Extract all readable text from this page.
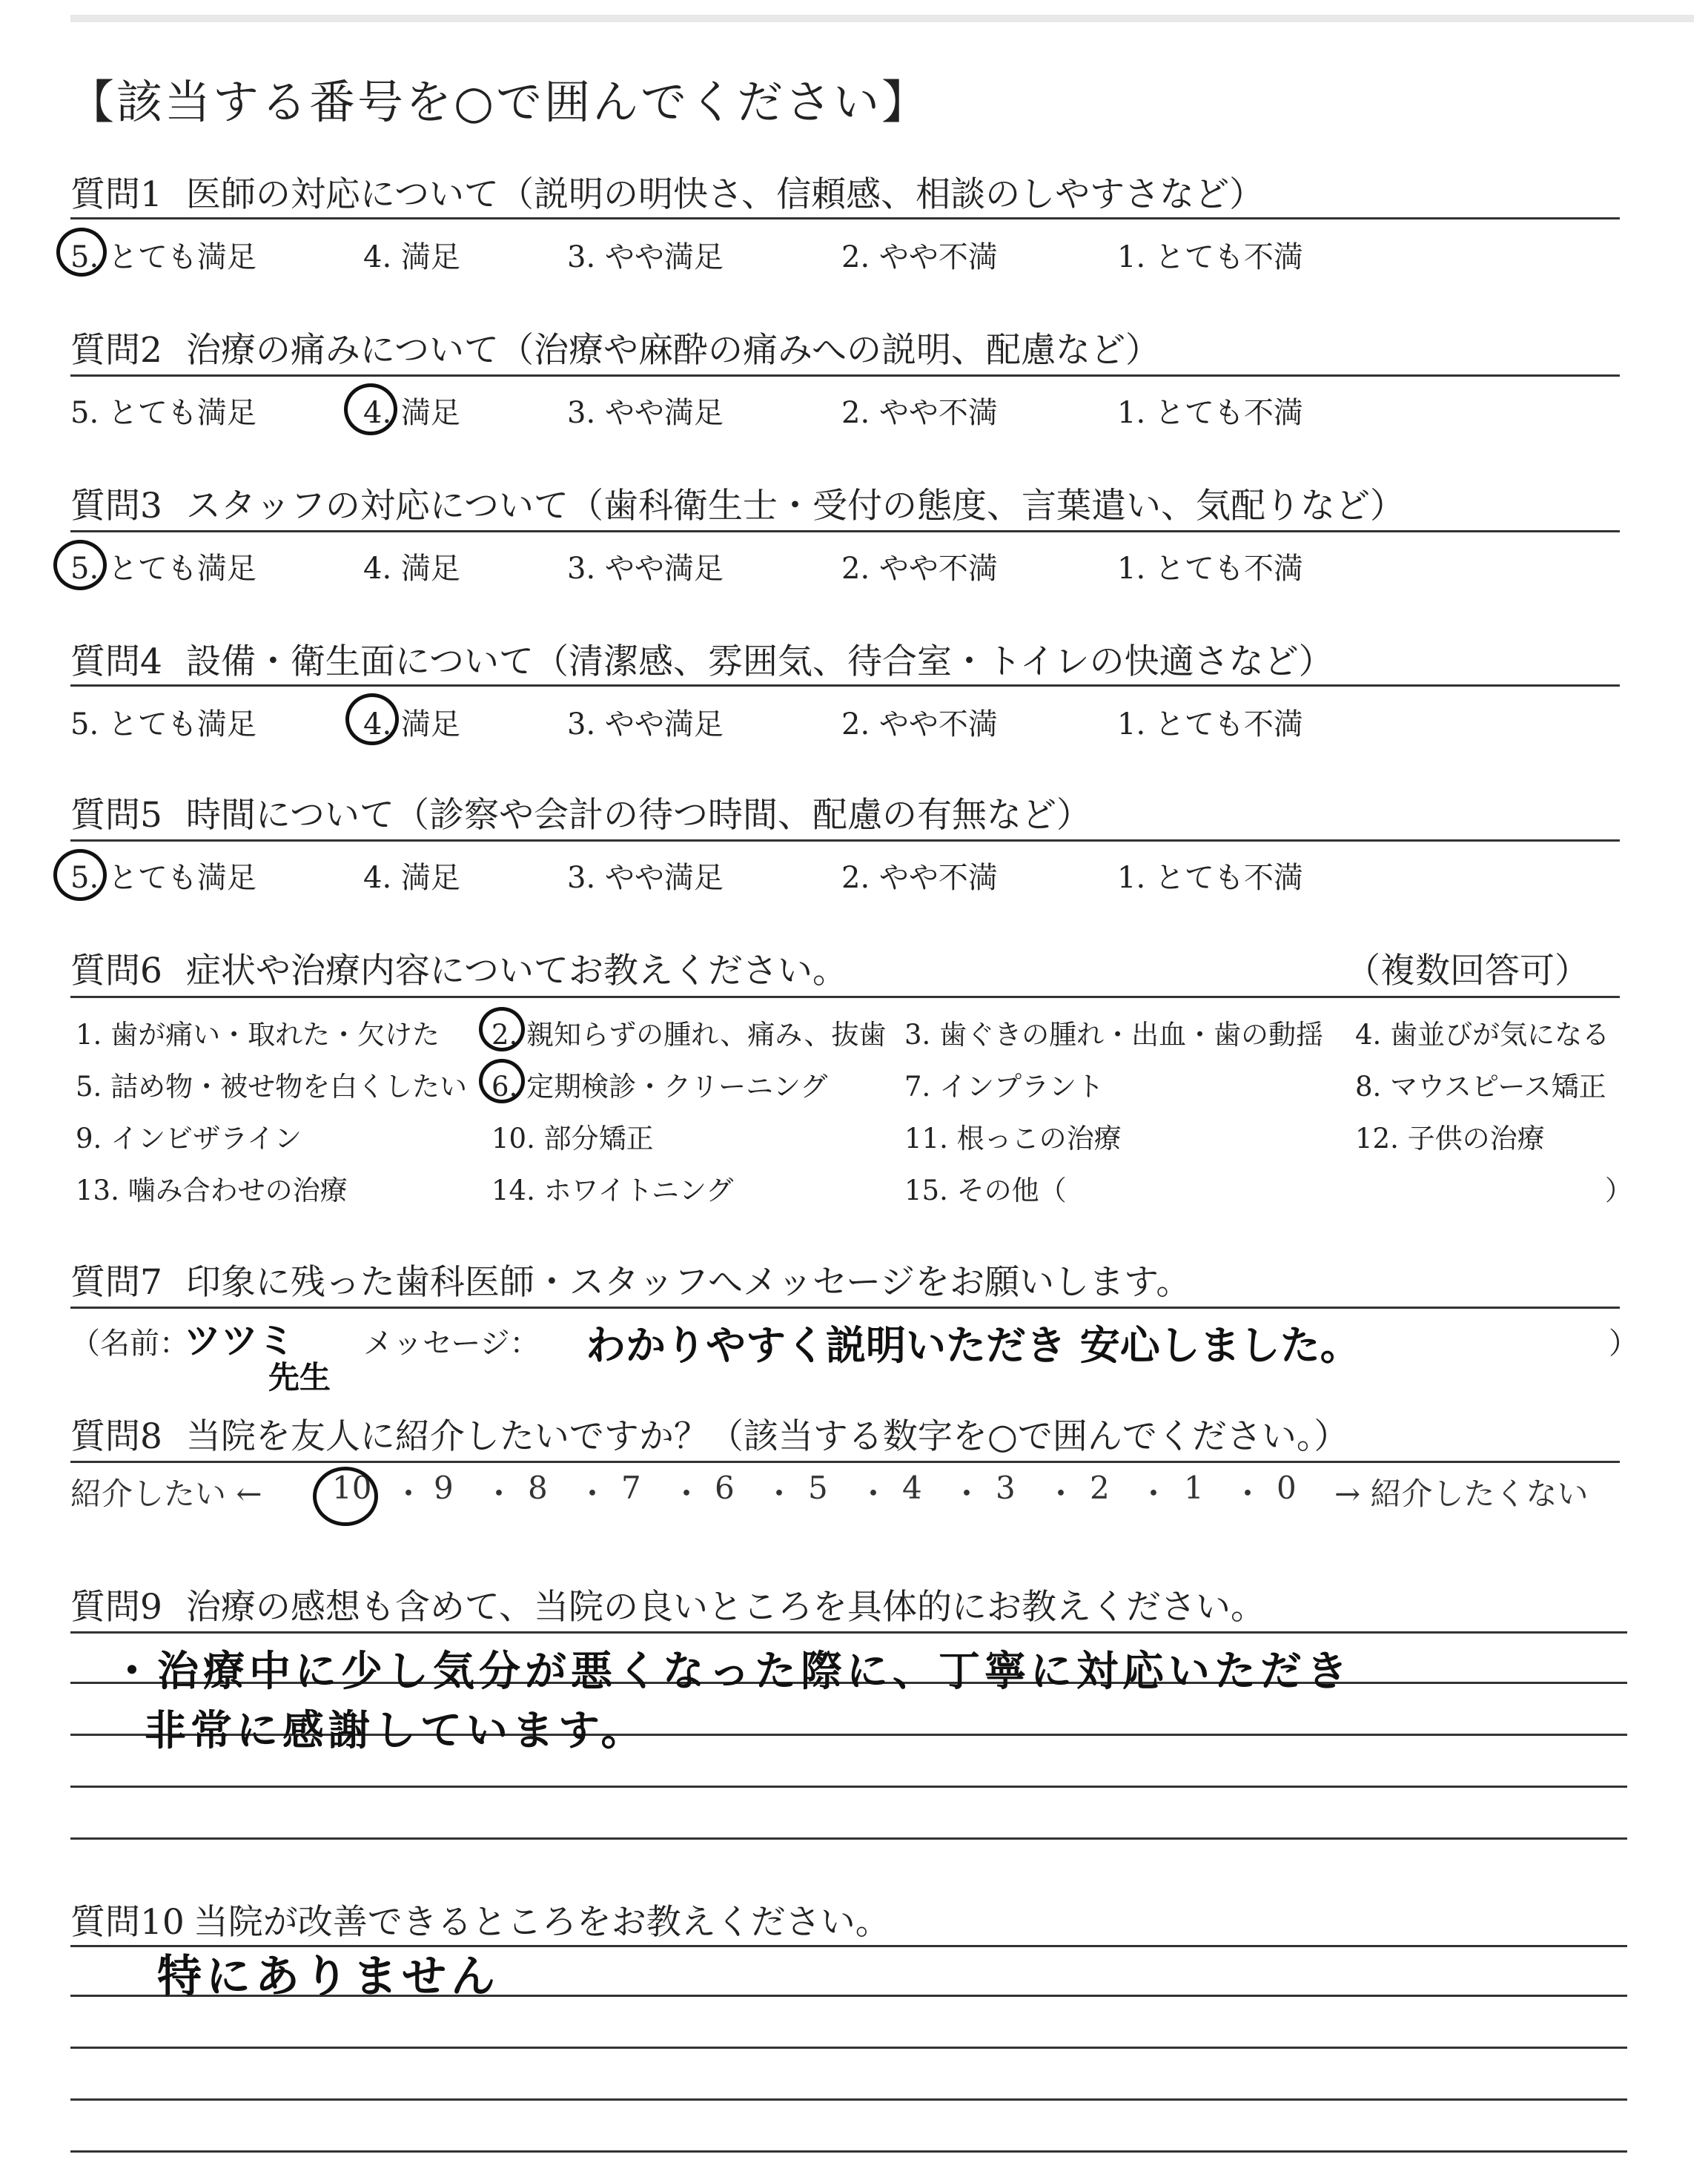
【該当する番号を○で囲んでください】
質問1 医師の対応について（説明の明快さ、信頼感、相談のしやすさなど）
5. とても満足	4. 満足	3. やや満足	2. やや不満	1. とても不満
質問2 治療の痛みについて（治療や麻酔の痛みへの説明、配慮など）
5. とても満足	4. 満足	3. やや満足	2. やや不満	1. とても不満
質問3 スタッフの対応について（歯科衛生士・受付の態度、言葉遣い、気配りなど）
5. とても満足	4. 満足	3. やや満足	2. やや不満	1. とても不満
質問4 設備・衛生面について（清潔感、雰囲気、待合室・トイレの快適さなど）
5. とても満足	4. 満足	3. やや満足	2. やや不満	1. とても不満
質問5 時間について（診察や会計の待つ時間、配慮の有無など）
5. とても満足	4. 満足	3. やや満足	2. やや不満	1. とても不満
質問6 症状や治療内容についてお教えください。	（複数回答可）
1. 歯が痛い・取れた・欠けた 2. 親知らずの腫れ、痛み、抜歯 3. 歯ぐきの腫れ・出血・歯の動揺 4. 歯並びが気になる
5. 詰め物・被せ物を白くしたい 6. 定期検診・クリーニング	7. インプラント	8. マウスピース矯正
9. インビザライン	10. 部分矯正	11. 根っこの治療	12. 子供の治療
13. 噛み合わせの治療	14. ホワイトニング	15. その他（	）
質問7 印象に残った歯科医師・スタッフへメッセージをお願いします。
（名前：
ツツミ
先生
メッセージ： わかりやすく説明いただき 安心しました。	）
質問8 当院を友人に紹介したいですか？（該当する数字を○で囲んでください。）
紹介したい ← 10 ・ 9 ・ 8 ・ 7 ・ 6 ・ 5 ・ 4 ・ 3 ・ 2 ・ 1 ・ 0 → 紹介したくない
質問9 治療の感想も含めて、当院の良いところを具体的にお教えください。
・治療中に少し気分が悪くなった際に、丁寧に対応いただき
非常に感謝しています。
質問10 当院が改善できるところをお教えください。
特にありません
